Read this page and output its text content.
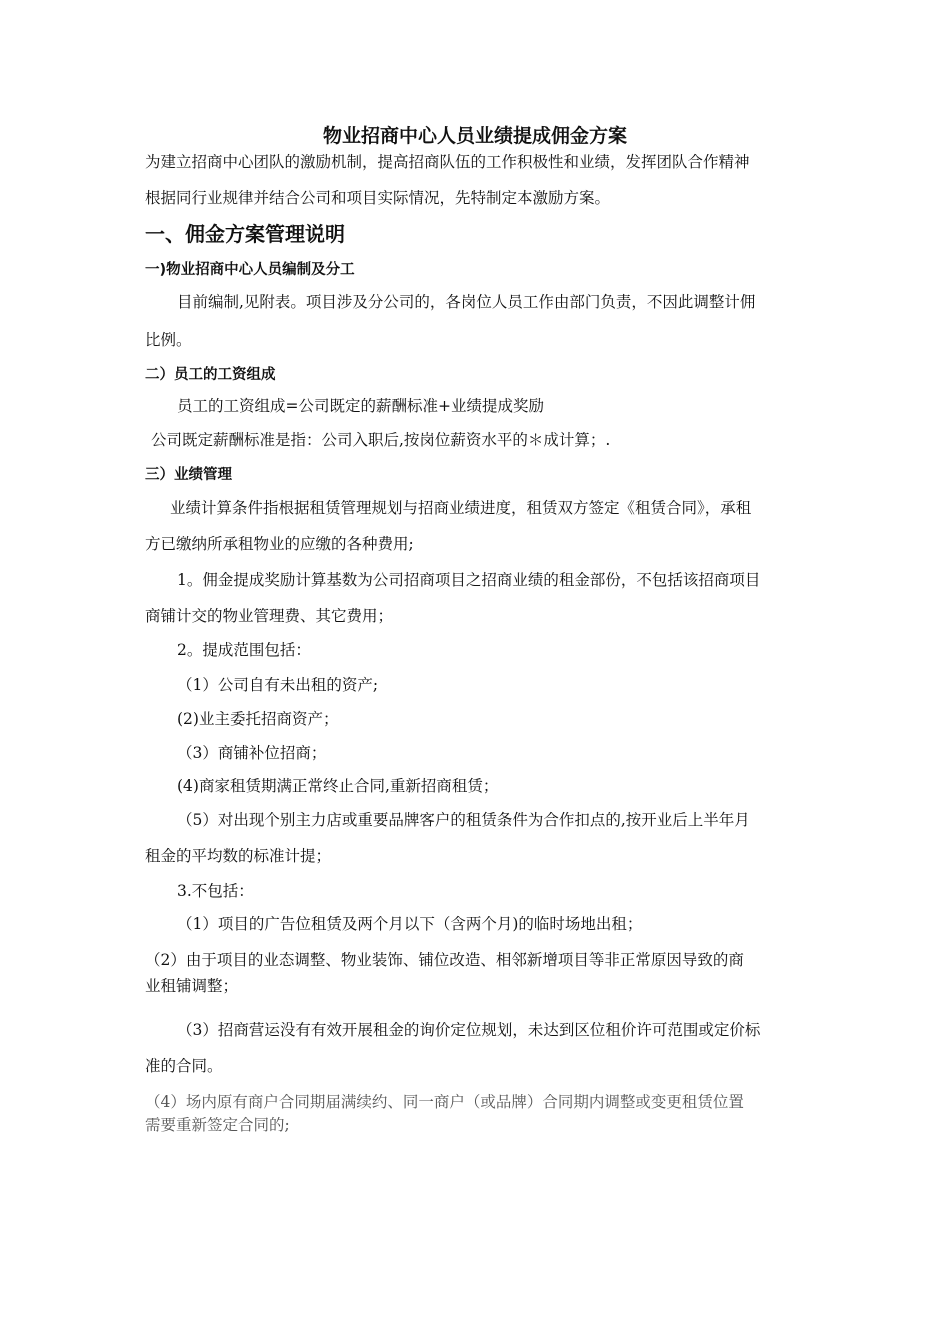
物业招商中心人员业绩提成佣金方案
为建立招商中心团队的激励机制，提高招商队伍的工作积极性和业绩，发挥团队合作精神
根据同行业规律并结合公司和项目实际情况，先特制定本激励方案。
一、佣金方案管理说明
一)物业招商中心人员编制及分工
目前编制,见附表。项目涉及分公司的，各岗位人员工作由部门负责，不因此调整计佣
比例。
二）员工的工资组成
员工的工资组成=公司既定的薪酬标准+业绩提成奖励
公司既定薪酬标准是指：公司入职后,按岗位薪资水平的＊成计算；.
三）业绩管理
业绩计算条件指根据租赁管理规划与招商业绩进度，租赁双方签定《租赁合同》，承租
方已缴纳所承租物业的应缴的各种费用;
1。佣金提成奖励计算基数为公司招商项目之招商业绩的租金部份，不包括该招商项目
商铺计交的物业管理费、其它费用；
2。提成范围包括：
（1）公司自有未出租的资产;
(2)业主委托招商资产；
（3）商铺补位招商；
(4)商家租赁期满正常终止合同,重新招商租赁；
（5）对出现个别主力店或重要品牌客户的租赁条件为合作扣点的,按开业后上半年月
租金的平均数的标准计提；
3.不包括：
（1）项目的广告位租赁及两个月以下（含两个月)的临时场地出租；
（2）由于项目的业态调整、物业装饰、铺位改造、相邻新增项目等非正常原因导致的商
业租铺调整；
（3）招商营运没有有效开展租金的询价定位规划，未达到区位租价许可范围或定价标
准的合同。
（4）场内原有商户合同期届满续约、同一商户（或品牌）合同期内调整或变更租赁位置
需要重新签定合同的;
